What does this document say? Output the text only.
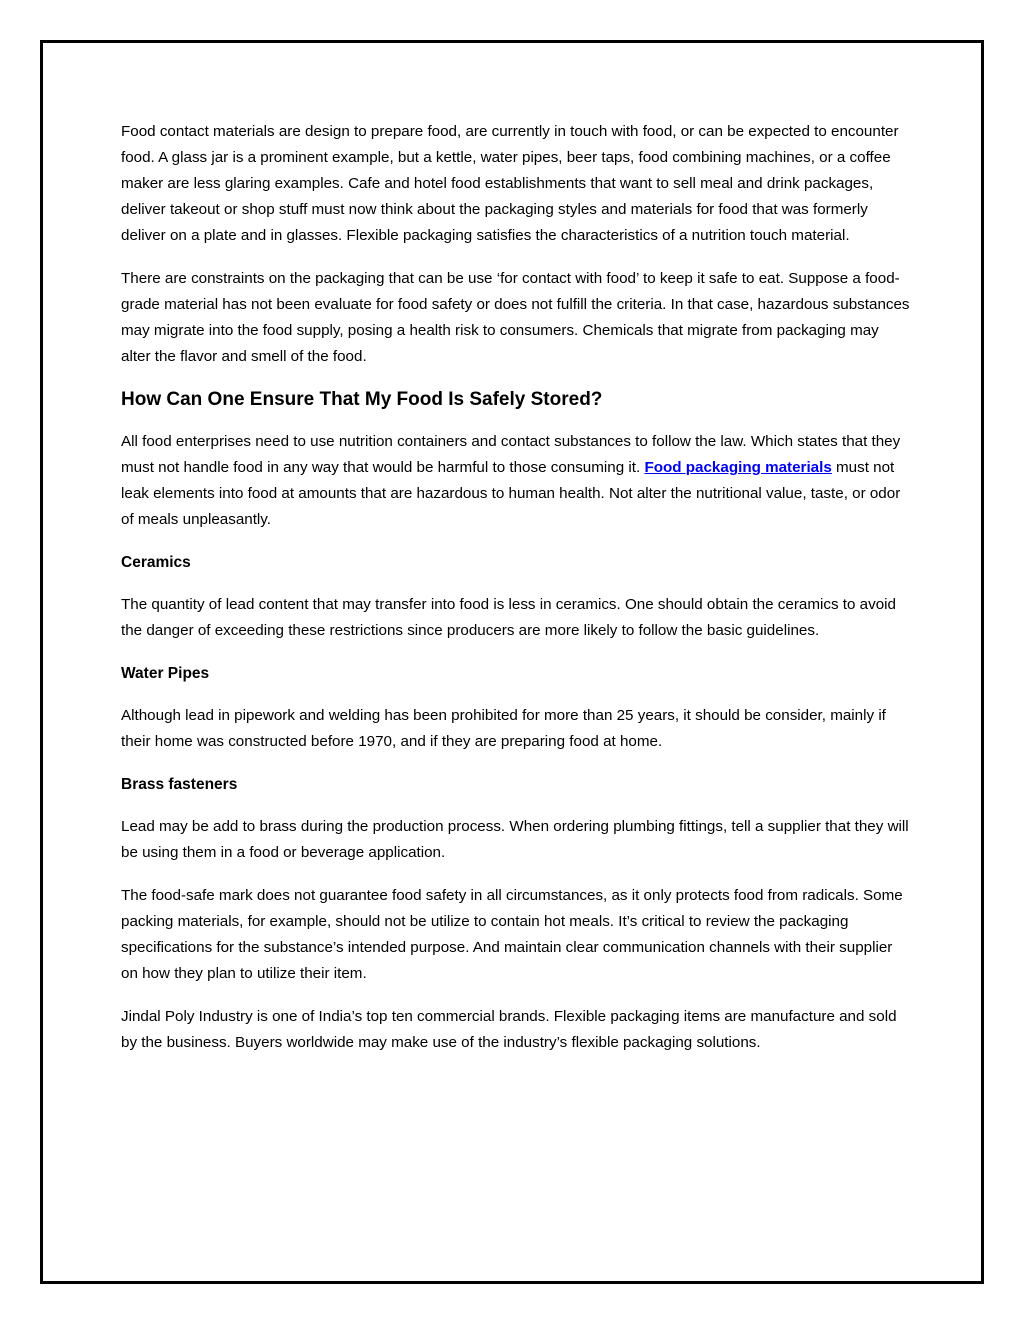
Food contact materials are design to prepare food, are currently in touch with food, or can be expected to encounter food. A glass jar is a prominent example, but a kettle, water pipes, beer taps, food combining machines, or a coffee maker are less glaring examples. Cafe and hotel food establishments that want to sell meal and drink packages, deliver takeout or shop stuff must now think about the packaging styles and materials for food that was formerly deliver on a plate and in glasses. Flexible packaging satisfies the characteristics of a nutrition touch material.

There are constraints on the packaging that can be use ‘for contact with food’ to keep it safe to eat. Suppose a food-grade material has not been evaluate for food safety or does not fulfill the criteria. In that case, hazardous substances may migrate into the food supply, posing a health risk to consumers. Chemicals that migrate from packaging may alter the flavor and smell of the food.

How Can One Ensure That My Food Is Safely Stored?

All food enterprises need to use nutrition containers and contact substances to follow the law. Which states that they must not handle food in any way that would be harmful to those consuming it. Food packaging materials must not leak elements into food at amounts that are hazardous to human health. Not alter the nutritional value, taste, or odor of meals unpleasantly.

Ceramics

The quantity of lead content that may transfer into food is less in ceramics. One should obtain the ceramics to avoid the danger of exceeding these restrictions since producers are more likely to follow the basic guidelines.

Water Pipes

Although lead in pipework and welding has been prohibited for more than 25 years, it should be consider, mainly if their home was constructed before 1970, and if they are preparing food at home.

Brass fasteners

Lead may be add to brass during the production process. When ordering plumbing fittings, tell a supplier that they will be using them in a food or beverage application.

The food-safe mark does not guarantee food safety in all circumstances, as it only protects food from radicals. Some packing materials, for example, should not be utilize to contain hot meals. It’s critical to review the packaging specifications for the substance’s intended purpose. And maintain clear communication channels with their supplier on how they plan to utilize their item.

Jindal Poly Industry is one of India’s top ten commercial brands. Flexible packaging items are manufacture and sold by the business. Buyers worldwide may make use of the industry’s flexible packaging solutions.
